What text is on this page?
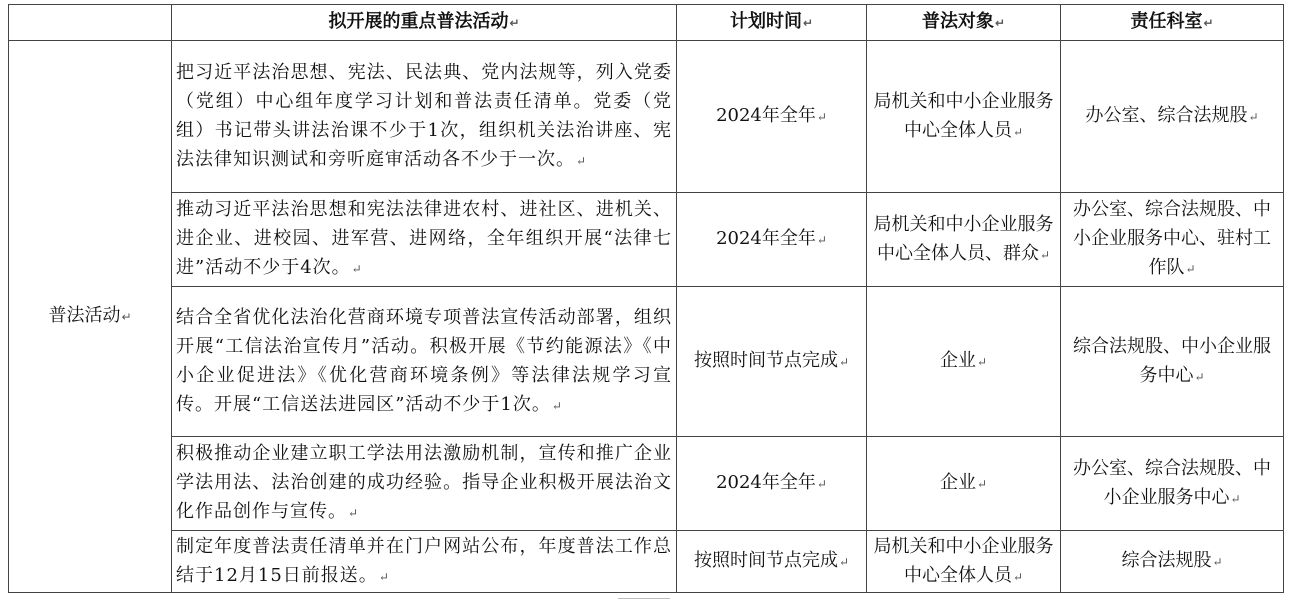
	拟开展的重点普法活动↵	计划时间↵	普法对象↵	责任科室↵
普法活动↵	把习近平法治思想、宪法、民法典、党内法规等，列入党委（党组）中心组年度学习计划和普法责任清单。党委（党组）书记带头讲法治课不少于1次，组织机关法治讲座、宪法法律知识测试和旁听庭审活动各不少于一次。↵	2024年全年↵	局机关和中小企业服务中心全体人员↵	办公室、综合法规股↵
	推动习近平法治思想和宪法法律进农村、进社区、进机关、进企业、进校园、进军营、进网络，全年组织开展“法律七进”活动不少于4次。↵	2024年全年↵	局机关和中小企业服务中心全体人员、群众↵	办公室、综合法规股、中小企业服务中心、驻村工作队↵
	结合全省优化法治化营商环境专项普法宣传活动部署，组织开展“工信法治宣传月”活动。积极开展《节约能源法》《中小企业促进法》《优化营商环境条例》等法律法规学习宣传。开展“工信送法进园区”活动不少于1次。↵	按照时间节点完成↵	企业↵	综合法规股、中小企业服务中心↵
	积极推动企业建立职工学法用法激励机制，宣传和推广企业学法用法、法治创建的成功经验。指导企业积极开展法治文化作品创作与宣传。↵	2024年全年↵	企业↵	办公室、综合法规股、中小企业服务中心↵
	制定年度普法责任清单并在门户网站公布，年度普法工作总结于12月15日前报送。↵	按照时间节点完成↵	局机关和中小企业服务中心全体人员↵	综合法规股↵
